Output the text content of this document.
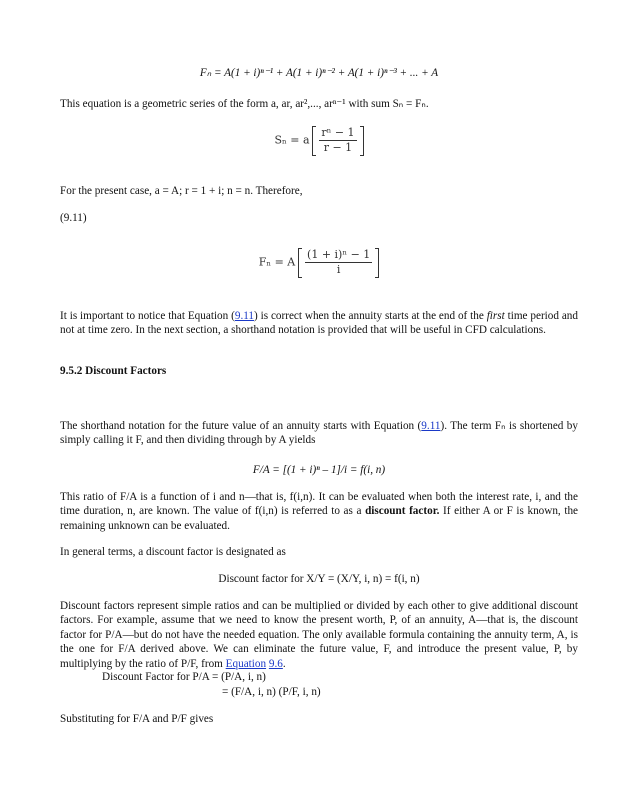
Fₙ = A(1 + i)ⁿ⁻¹ + A(1 + i)ⁿ⁻² + A(1 + i)ⁿ⁻³ + ... + A
This equation is a geometric series of the form a, ar, ar²,..., arⁿ⁻¹ with sum Sₙ = Fₙ.
Sₙ = a $\frac{\text{rⁿ − 1}}{r - 1}$
For the present case, a = A; r = 1 + i; n = n. Therefore,
(9.11)
Fₙ = A $\frac{\text{(1 + i)ⁿ − 1}}{i}$
It is important to notice that Equation (9.11) is correct when the annuity starts at the end of the first time period and not at time zero. In the next section, a shorthand notation is provided that will be useful in CFD calculations.
9.5.2 Discount Factors
The shorthand notation for the future value of an annuity starts with Equation (9.11). The term Fₙ is shortened by simply calling it F, and then dividing through by A yields
F/A = [(1 + i)ⁿ – 1]/i = f(i, n)
This ratio of F/A is a function of i and n—that is, f(i,n). It can be evaluated when both the interest rate, i, and the time duration, n, are known. The value of f(i,n) is referred to as a discount factor. If either A or F is known, the remaining unknown can be evaluated.
In general terms, a discount factor is designated as
Discount factor for X/Y = (X/Y, i, n) = f(i, n)
Discount factors represent simple ratios and can be multiplied or divided by each other to give additional discount factors. For example, assume that we need to know the present worth, P, of an annuity, A—that is, the discount factor for P/A—but do not have the needed equation. The only available formula containing the annuity term, A, is the one for F/A derived above. We can eliminate the future value, F, and introduce the present value, P, by multiplying by the ratio of P/F, from Equation 9.6.
Discount Factor for P/A = (P/A, i, n)
= (F/A, i, n) (P/F, i, n)
Substituting for F/A and P/F gives
